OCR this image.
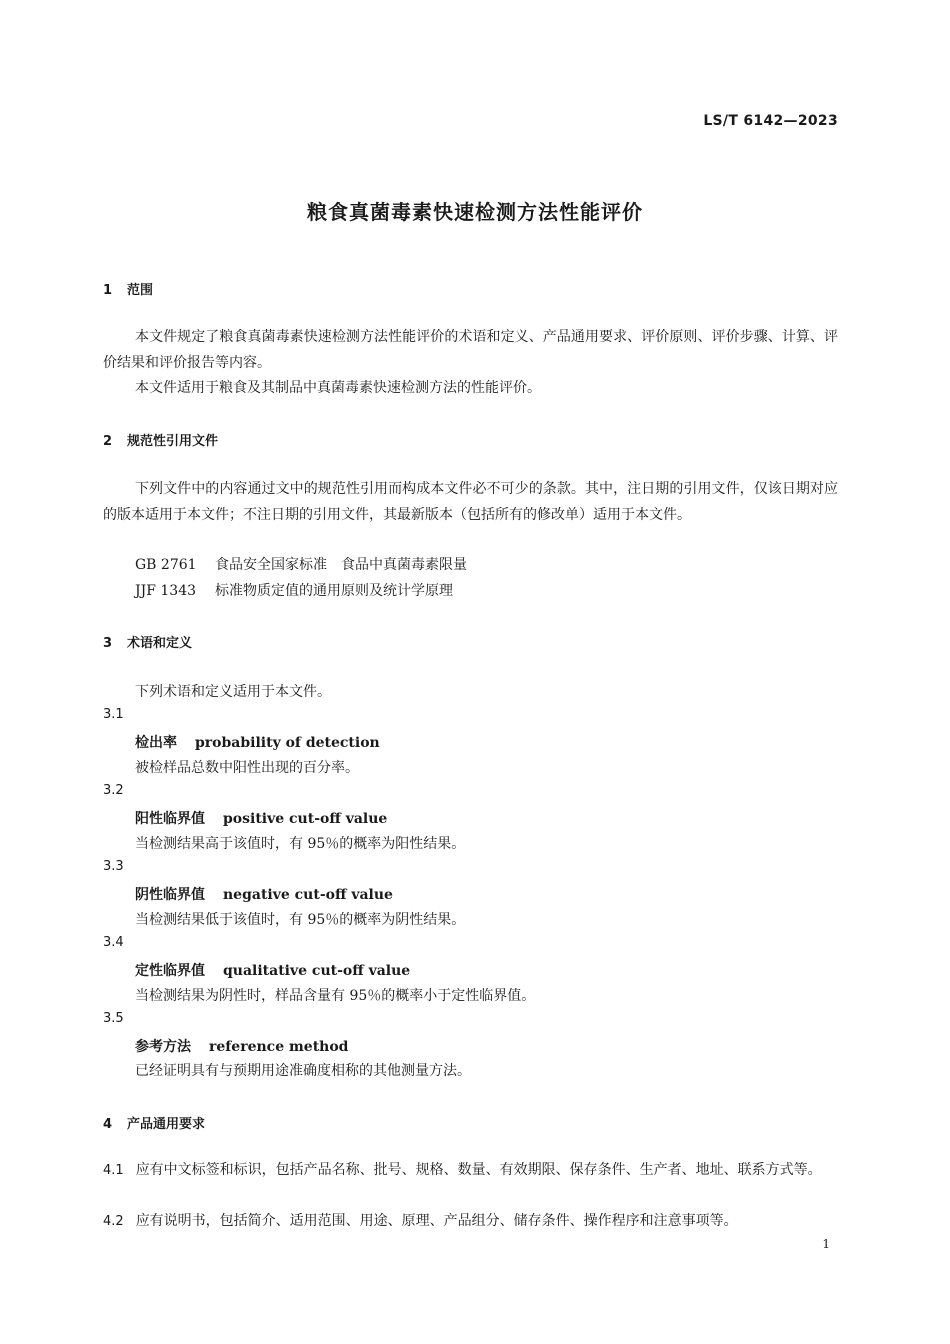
LS/T 6142—2023
粮食真菌毒素快速检测方法性能评价
1 范围
本文件规定了粮食真菌毒素快速检测方法性能评价的术语和定义、产品通用要求、评价原则、评价步骤、计算、评价结果和评价报告等内容。
本文件适用于粮食及其制品中真菌毒素快速检测方法的性能评价。
2 规范性引用文件
下列文件中的内容通过文中的规范性引用而构成本文件必不可少的条款。其中，注日期的引用文件，仅该日期对应的版本适用于本文件；不注日期的引用文件，其最新版本（包括所有的修改单）适用于本文件。
GB 2761 食品安全国家标准　食品中真菌毒素限量
JJF 1343 标准物质定值的通用原则及统计学原理
3 术语和定义
下列术语和定义适用于本文件。
3.1
检出率 probability of detection
被检样品总数中阳性出现的百分率。
3.2
阳性临界值 positive cut-off value
当检测结果高于该值时，有 95％的概率为阳性结果。
3.3
阴性临界值 negative cut-off value
当检测结果低于该值时，有 95％的概率为阴性结果。
3.4
定性临界值 qualitative cut-off value
当检测结果为阴性时，样品含量有 95％的概率小于定性临界值。
3.5
参考方法 reference method
已经证明具有与预期用途准确度相称的其他测量方法。
4 产品通用要求
4.1 应有中文标签和标识，包括产品名称、批号、规格、数量、有效期限、保存条件、生产者、地址、联系方式等。
4.2 应有说明书，包括简介、适用范围、用途、原理、产品组分、储存条件、操作程序和注意事项等。
1
